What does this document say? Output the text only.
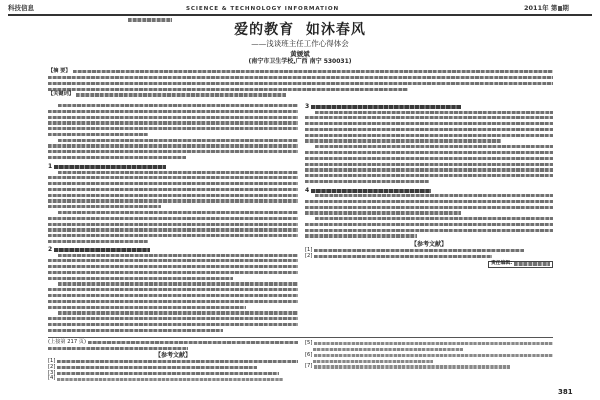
科技信息	SCIENCE & TECHNOLOGY INFORMATION	2011年 第 期
爱的教育  如沐春风
——浅谈班主任工作心得体会
黄媛斌
(南宁市卫生学校,广西 南宁 530031)
【摘 要】
【关键词】
1
2
3
4
【参考文献】
[1]
[2]
责任编辑:
(上接第 217 页)
【参考文献】
[1]
[2]
[3]
[4]
[5]
[6]
[7]
381
